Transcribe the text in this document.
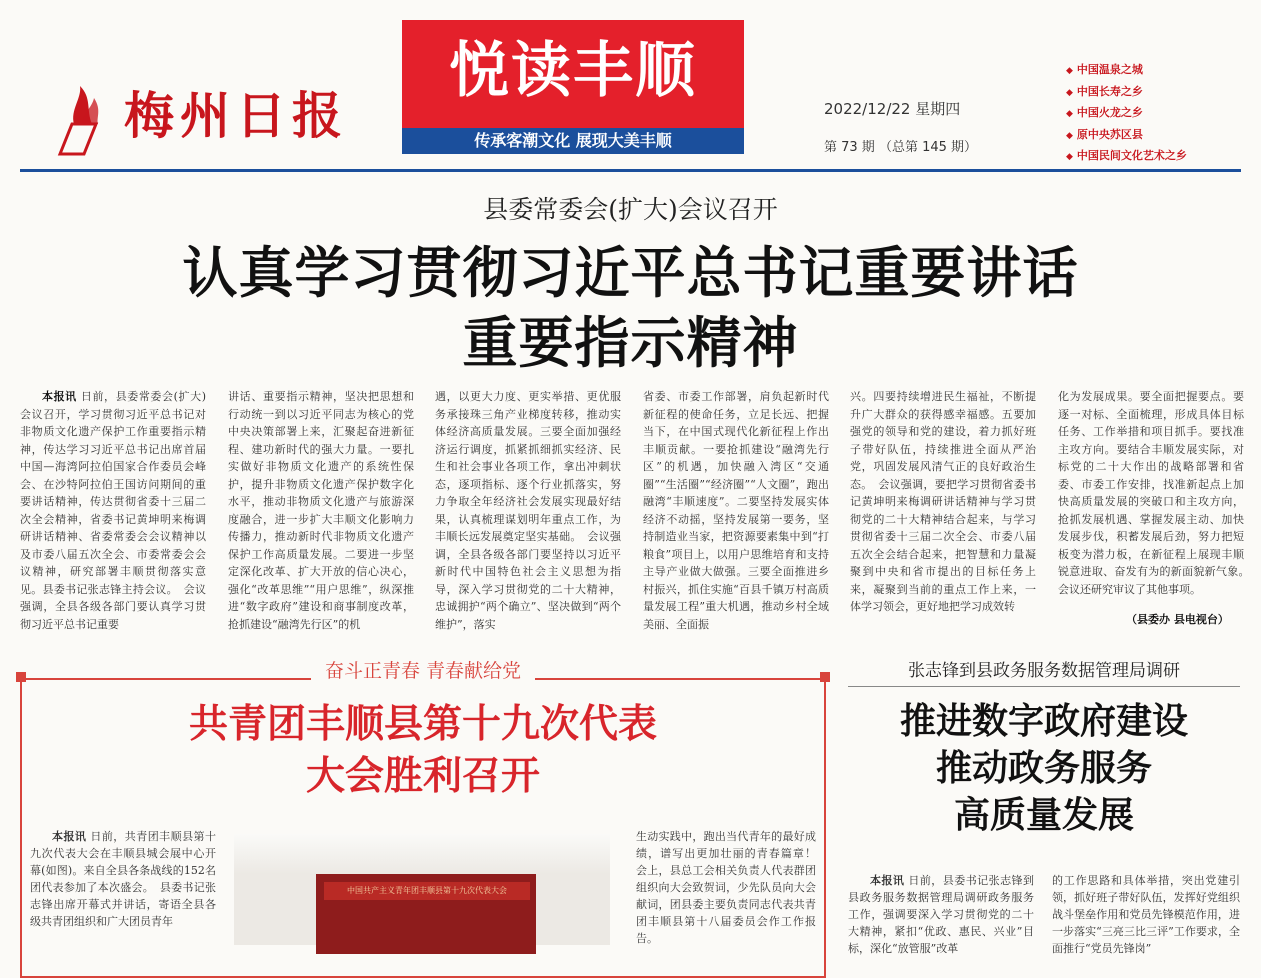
梅州日报
悦读丰顺
传承客潮文化 展现大美丰顺
2022/12/22 星期四
第 73 期 （总第 145 期）
◆ 中国温泉之城
◆ 中国长寿之乡
◆ 中国火龙之乡
◆ 原中央苏区县
◆ 中国民间文化艺术之乡
县委常委会(扩大)会议召开
认真学习贯彻习近平总书记重要讲话
重要指示精神
本报讯 日前，县委常委会(扩大)会议召开，学习贯彻习近平总书记对非物质文化遗产保护工作重要指示精神，传达学习习近平总书记出席首届中国—海湾阿拉伯国家合作委员会峰会、在沙特阿拉伯王国访问期间的重要讲话精神，传达贯彻省委十三届二次全会精神，省委书记黄坤明来梅调研讲话精神、省委常委会会议精神以及市委八届五次全会、市委常委会会议精神，研究部署丰顺贯彻落实意见。县委书记张志锋主持会议。　会议强调，全县各级各部门要认真学习贯彻习近平总书记重要
讲话、重要指示精神，坚决把思想和行动统一到以习近平同志为核心的党中央决策部署上来，汇聚起奋进新征程、建功新时代的强大力量。一要扎实做好非物质文化遗产的系统性保护，提升非物质文化遗产保护数字化水平，推动非物质文化遗产与旅游深度融合，进一步扩大丰顺文化影响力传播力，推动新时代非物质文化遗产保护工作高质量发展。二要进一步坚定深化改革、扩大开放的信心决心，强化“改革思维”“用户思维”，纵深推进“数字政府”建设和商事制度改革，抢抓建设“融湾先行区”的机
遇，以更大力度、更实举措、更优服务承接珠三角产业梯度转移，推动实体经济高质量发展。三要全面加强经济运行调度，抓紧抓细抓实经济、民生和社会事业各项工作，拿出冲刺状态，逐项指标、逐个行业抓落实，努力争取全年经济社会发展实现最好结果，认真梳理谋划明年重点工作，为丰顺长远发展奠定坚实基础。　会议强调，全县各级各部门要坚持以习近平新时代中国特色社会主义思想为指导，深入学习贯彻党的二十大精神，忠诚拥护“两个确立”、坚决做到“两个维护”，落实
省委、市委工作部署，肩负起新时代新征程的使命任务，立足长远、把握当下，在中国式现代化新征程上作出丰顺贡献。一要抢抓建设“融湾先行区”的机遇，加快融入湾区“交通圈”“生活圈”“经济圈”“人文圈”，跑出融湾“丰顺速度”。二要坚持发展实体经济不动摇，坚持发展第一要务，坚持制造业当家，把资源要素集中到“打粮食”项目上，以用户思维培育和支持主导产业做大做强。三要全面推进乡村振兴，抓住实施“百县千镇万村高质量发展工程”重大机遇，推动乡村全域美丽、全面振
兴。四要持续增进民生福祉，不断提升广大群众的获得感幸福感。五要加强党的领导和党的建设，着力抓好班子带好队伍，持续推进全面从严治党，巩固发展风清气正的良好政治生态。　会议强调，要把学习贯彻省委书记黄坤明来梅调研讲话精神与学习贯彻党的二十大精神结合起来，与学习贯彻省委十三届二次全会、市委八届五次全会结合起来，把智慧和力量凝聚到中央和省市提出的目标任务上来，凝聚到当前的重点工作上来，一体学习领会，更好地把学习成效转
化为发展成果。要全面把握要点。要逐一对标、全面梳理，形成具体目标任务、工作举措和项目抓手。要找准主攻方向。要结合丰顺发展实际，对标党的二十大作出的战略部署和省委、市委工作安排，找准新起点上加快高质量发展的突破口和主攻方向，抢抓发展机遇、掌握发展主动、加快发展步伐，积蓄发展后劲，努力把短板变为潜力板，在新征程上展现丰顺锐意进取、奋发有为的新面貌新气象。　会议还研究审议了其他事项。
（县委办 县电视台）
奋斗正青春 青春献给党
共青团丰顺县第十九次代表
大会胜利召开
本报讯 日前，共青团丰顺县第十九次代表大会在丰顺县城会展中心开幕(如图)。来自全县各条战线的152名团代表参加了本次盛会。　县委书记张志锋出席开幕式并讲话，寄语全县各级共青团组织和广大团员青年
中国共产主义青年团丰顺县第十九次代表大会
生动实践中，跑出当代青年的最好成绩，谱写出更加壮丽的青春篇章！　会上，县总工会相关负责人代表群团组织向大会致贺词，少先队员向大会献词，团县委主要负责同志代表共青团丰顺县第十八届委员会作工作报告。
张志锋到县政务服务数据管理局调研
推进数字政府建设
推动政务服务
高质量发展
本报讯 日前，县委书记张志锋到县政务服务数据管理局调研政务服务工作，强调要深入学习贯彻党的二十大精神，紧扣“优政、惠民、兴业”目标，深化“放管服”改革
的工作思路和具体举措，突出党建引领，抓好班子带好队伍，发挥好党组织战斗堡垒作用和党员先锋模范作用，进一步落实“三亮三比三评”工作要求，全面推行“党员先锋岗”
